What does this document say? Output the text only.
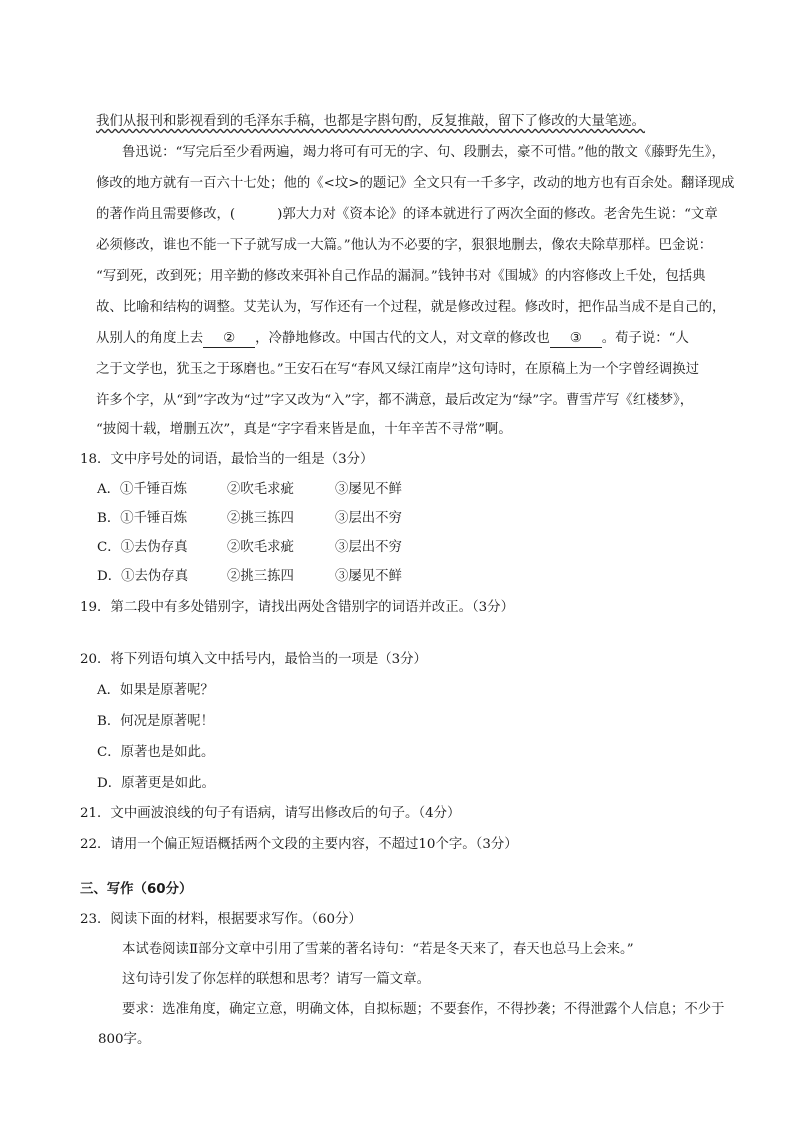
我们从报刊和影视看到的毛泽东手稿，也都是字斟句酌，反复推敲，留下了修改的大量笔迹。
鲁迅说：“写完后至少看两遍，竭力将可有可无的字、句、段删去，豪不可惜。”他的散文《藤野先生》，
修改的地方就有一百六十七处；他的《<坟>的题记》全文只有一千多字，改动的地方也有百余处。翻译现成
的著作尚且需要修改，(	)郭大力对《资本论》的译本就进行了两次全面的修改。老舍先生说：“文章
必须修改，谁也不能一下子就写成一大篇。”他认为不必要的字，狠狠地删去，像农夫除草那样。巴金说：
“写到死，改到死；用辛勤的修改来弭补自己作品的漏洞。”钱钟书对《围城》的内容修改上千处，包括典
故、比喻和结构的调整。艾芜认为，写作还有一个过程，就是修改过程。修改时，把作品当成不是自己的，
从别人的角度上去 ② ，冷静地修改。中国古代的文人，对文章的修改也 ③ 。荀子说：“人
之于文学也，犹玉之于琢磨也。”王安石在写“春风又绿江南岸”这句诗时，在原稿上为一个字曾经调换过
许多个字，从“到”字改为“过”字又改为“入”字，都不满意，最后改定为“绿”字。曹雪芹写《红楼梦》，
“披阅十载，增删五次”，真是“字字看来皆是血，十年辛苦不寻常”啊。
18．文中序号处的词语，最恰当的一组是（3分）
A．①千锤百炼	②吹毛求疵	③屡见不鲜
B．①千锤百炼	②挑三拣四	③层出不穷
C．①去伪存真	②吹毛求疵	③层出不穷
D．①去伪存真	②挑三拣四	③屡见不鲜
19．第二段中有多处错别字，请找出两处含错别字的词语并改正。（3分）
20．将下列语句填入文中括号内，最恰当的一项是（3分）
A．如果是原著呢？
B．何况是原著呢！
C．原著也是如此。
D．原著更是如此。
21．文中画波浪线的句子有语病，请写出修改后的句子。（4分）
22．请用一个偏正短语概括两个文段的主要内容，不超过10个字。（3分）
三、写作（60分）
23．阅读下面的材料，根据要求写作。（60分）
本试卷阅读Ⅱ部分文章中引用了雪莱的著名诗句：“若是冬天来了，春天也总马上会来。”
这句诗引发了你怎样的联想和思考？请写一篇文章。
要求：选准角度，确定立意，明确文体，自拟标题；不要套作，不得抄袭；不得泄露个人信息；不少于
800字。
